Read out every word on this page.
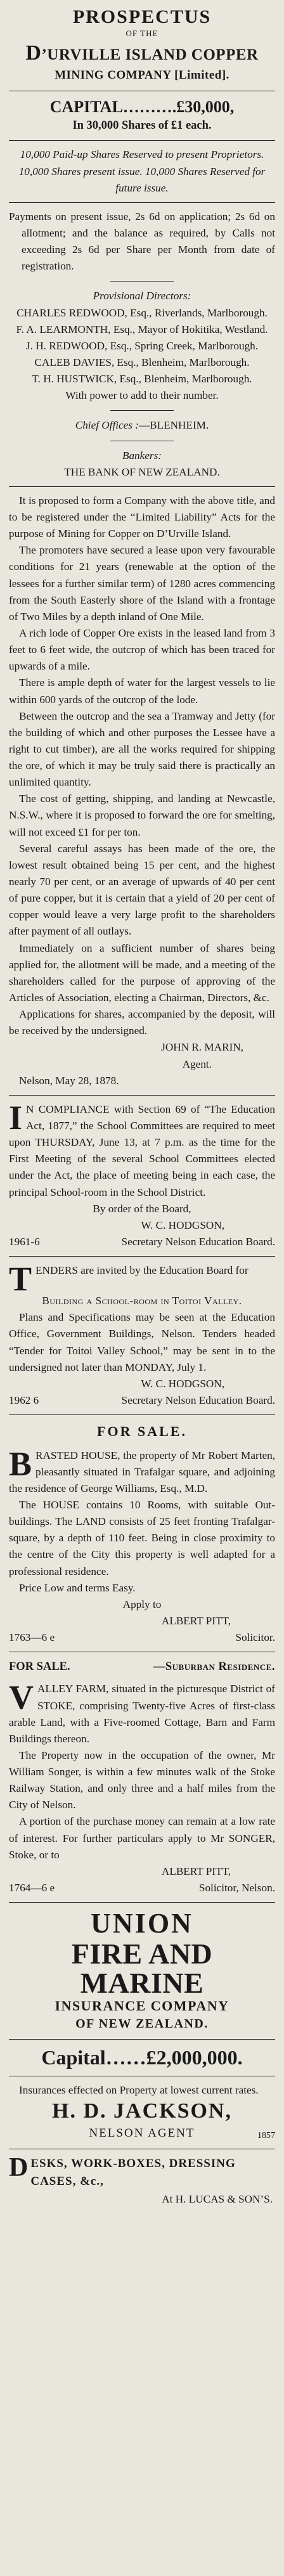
PROSPECTUS
OF THE
D’URVILLE ISLAND COPPER
MINING COMPANY [Limited].
CAPITAL……….£30,000,
In 30,000 Shares of £1 each.

10,000 Paid-up Shares Reserved to present Proprietors. 10,000 Shares present issue. 10,000 Shares Reserved for future issue.

Payments on present issue, 2s 6d on application; 2s 6d on allotment; and the balance as required, by Calls not exceeding 2s 6d per Share per Month from date of registration.

Provisional Directors:

CHARLES REDWOOD, Esq., Riverlands, Marlborough.

F. A. LEARMONTH, Esq., Mayor of Hokitika, Westland.

J. H. REDWOOD, Esq., Spring Creek, Marlborough.

CALEB DAVIES, Esq., Blenheim, Marlborough.

T. H. HUSTWICK, Esq., Blenheim, Marlborough.

With power to add to their number.

Chief Offices :—BLENHEIM.

Bankers:

THE BANK OF NEW ZEALAND.

It is proposed to form a Company with the above title, and to be registered under the “Limited Liability” Acts for the purpose of Mining for Copper on D’Urville Island.

The promoters have secured a lease upon very favourable conditions for 21 years (renewable at the option of the lessees for a further similar term) of 1280 acres commencing from the South Easterly shore of the Island with a frontage of Two Miles by a depth inland of One Mile.

A rich lode of Copper Ore exists in the leased land from 3 feet to 6 feet wide, the outcrop of which has been traced for upwards of a mile.

There is ample depth of water for the largest vessels to lie within 600 yards of the outcrop of the lode.

Between the outcrop and the sea a Tramway and Jetty (for the building of which and other purposes the Lessee have a right to cut timber), are all the works required for shipping the ore, of which it may be truly said there is practically an unlimited quantity.

The cost of getting, shipping, and landing at Newcastle, N.S.W., where it is proposed to forward the ore for smelting, will not exceed £1 for per ton.

Several careful assays has been made of the ore, the lowest result obtained being 15 per cent, and the highest nearly 70 per cent, or an average of upwards of 40 per cent of pure copper, but it is certain that a yield of 20 per cent of copper would leave a very large profit to the shareholders after payment of all outlays.

Immediately on a sufficient number of shares being applied for, the allotment will be made, and a meeting of the shareholders called for the purpose of approving of the Articles of Association, electing a Chairman, Directors, &c.

Applications for shares, accompanied by the deposit, will be received by the undersigned.

JOHN R. MARIN,

Agent.

Nelson, May 28, 1878.

I N COMPLIANCE with Section 69 of “The Education Act, 1877,” the School Committees are required to meet upon THURSDAY, June 13, at 7 p.m. as the time for the First Meeting of the several School Committees elected under the Act, the place of meeting being in each case, the principal School-room in the School District.

By order of the Board,

W. C. HODGSON,

1961-6	Secretary Nelson Education Board.

TENDERS are invited by the Education Board for

Building a School-room in Toitoi Valley.

Plans and Specifications may be seen at the Education Office, Government Buildings, Nelson. Tenders headed “Tender for Toitoi Valley School,” may be sent in to the undersigned not later than MONDAY, July 1.

W. C. HODGSON,

1962 6	Secretary Nelson Education Board.
FOR SALE.

BRASTED HOUSE, the property of Mr Robert Marten, pleasantly situated in Trafalgar square, and adjoining the residence of George Williams, Esq., M.D.

The HOUSE contains 10 Rooms, with suitable Out-buildings. The LAND consists of 25 feet fronting Trafalgar-square, by a depth of 110 feet. Being in close proximity to the centre of the City this property is well adapted for a professional residence.

Price Low and terms Easy.

Apply to

ALBERT PITT,

1763—6 e	Solicitor.
FOR SALE.	—Suburban Residence.

VALLEY FARM, situated in the picturesque District of STOKE, comprising Twenty-five Acres of first-class arable Land, with a Five-roomed Cottage, Barn and Farm Buildings thereon.

The Property now in the occupation of the owner, Mr William Songer, is within a few minutes walk of the Stoke Railway Station, and only three and a half miles from the City of Nelson.

A portion of the purchase money can remain at a low rate of interest. For further particulars apply to Mr SONGER, Stoke, or to

ALBERT PITT,

1764—6 e	Solicitor, Nelson.
UNION
FIRE AND MARINE
INSURANCE COMPANY
OF NEW ZEALAND.
Capital……£2,000,000.

Insurances effected on Property at lowest current rates.

H. D. JACKSON,
NELSON AGENT	1857

DESKS, WORK-BOXES, DRESSING CASES, &c.,

At H. LUCAS & SON’S.
